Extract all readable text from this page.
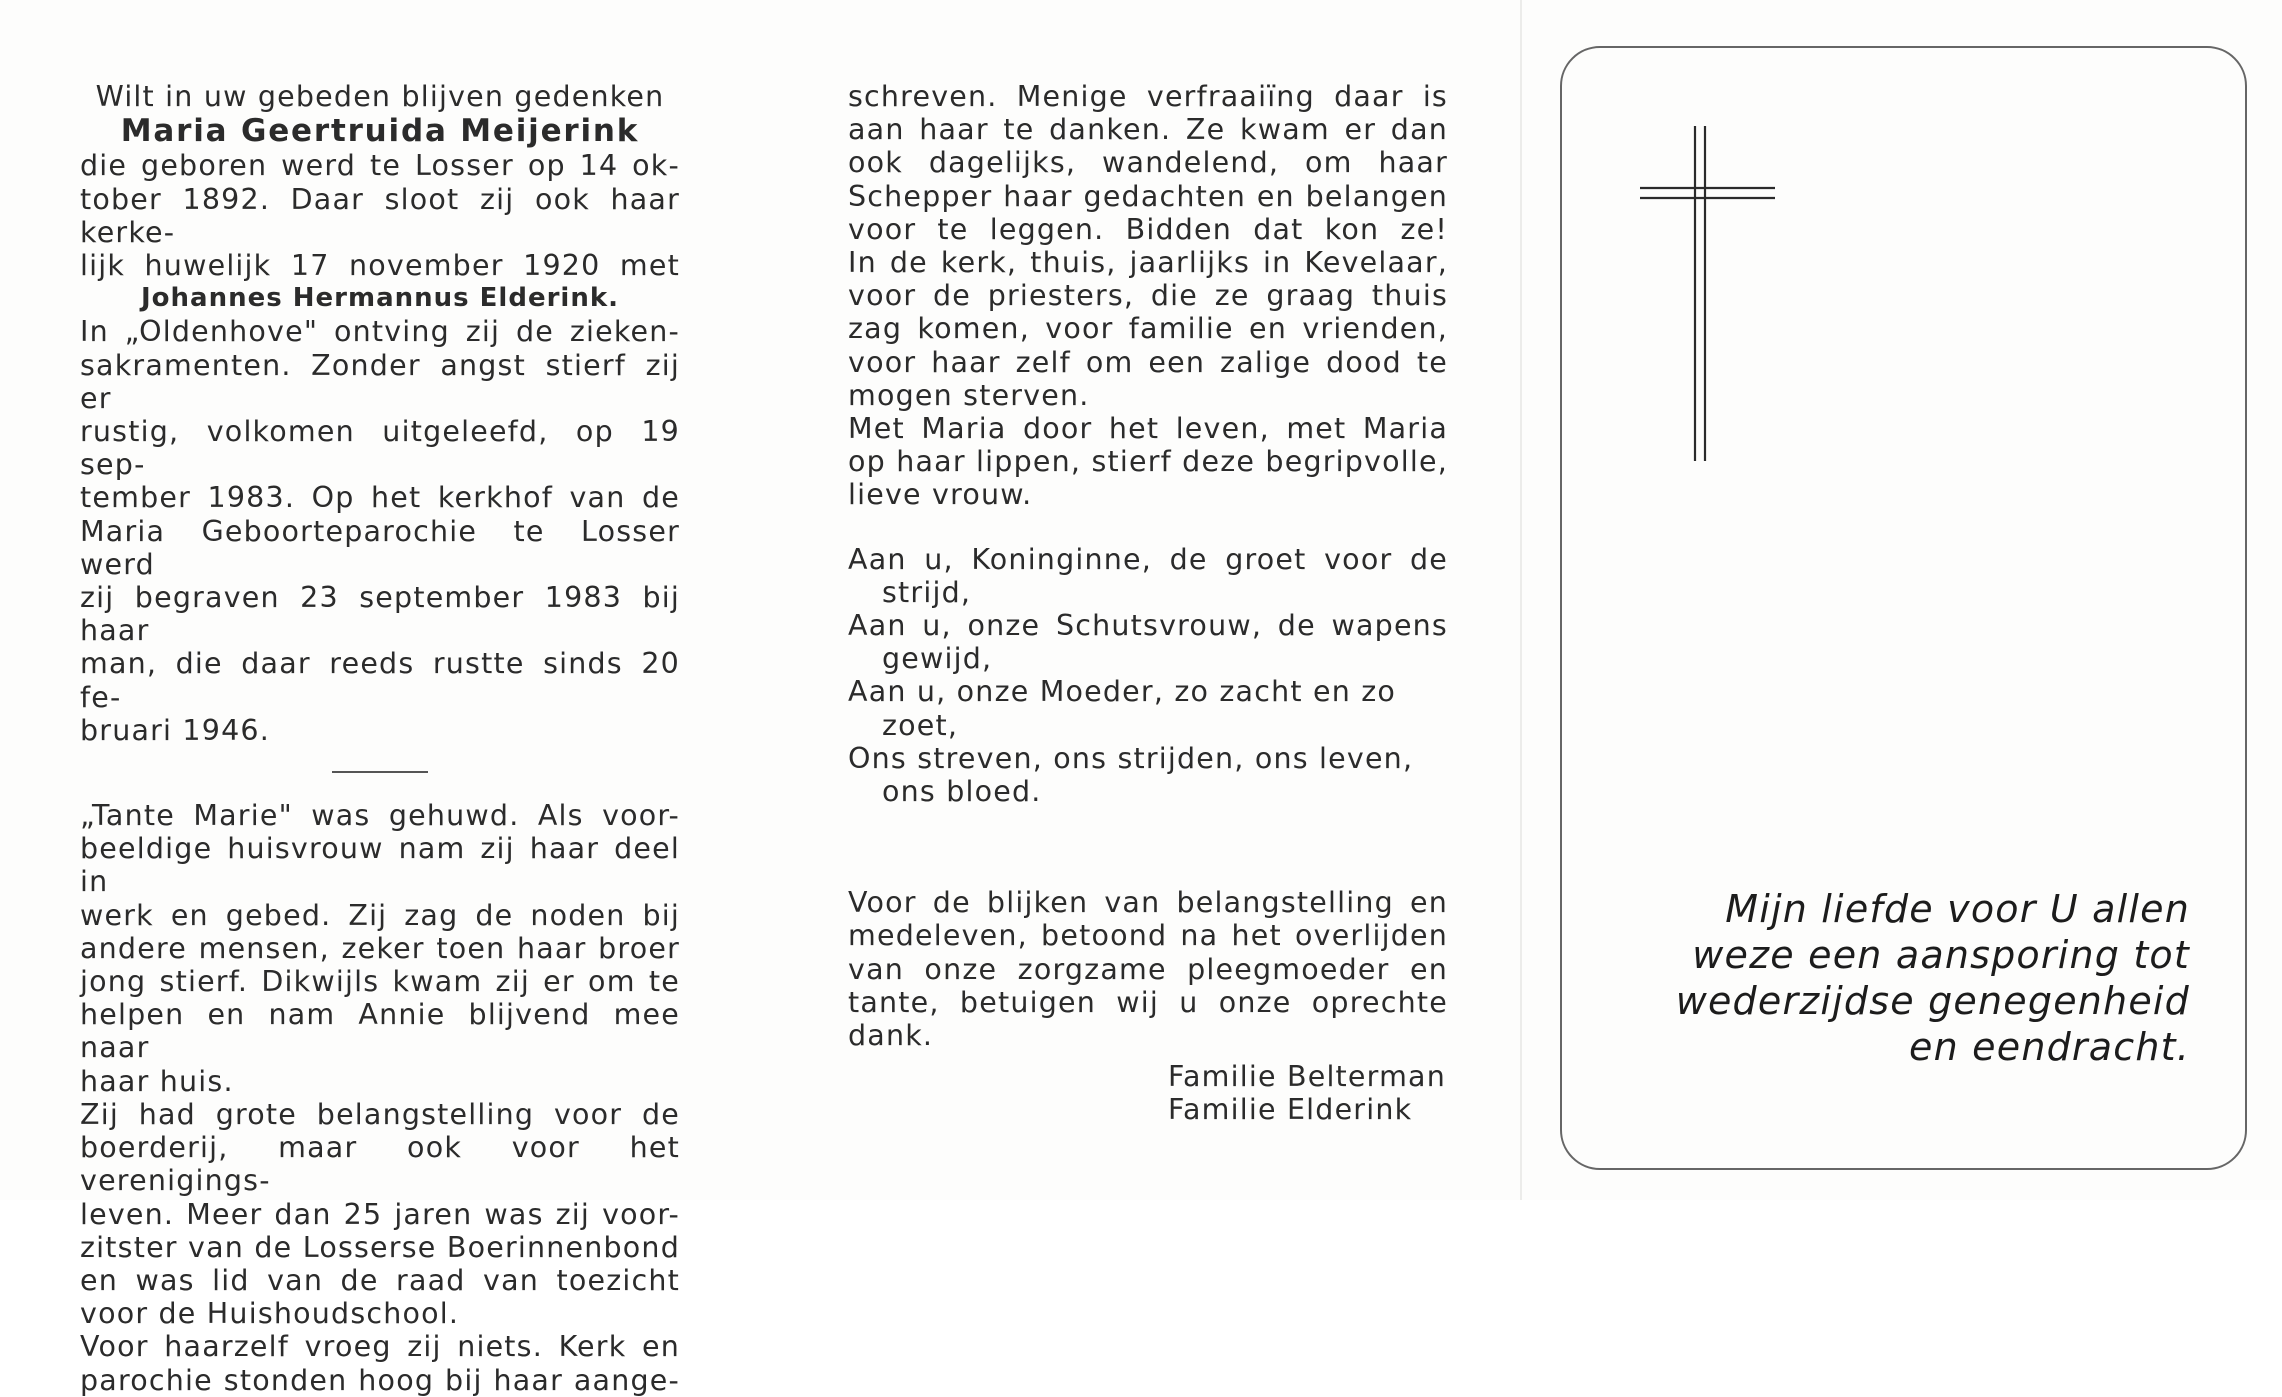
Wilt in uw gebeden blijven gedenken

Maria Geertruida Meijerink

die geboren werd te Losser op 14 ok-

tober 1892. Daar sloot zij ook haar kerke-

lijk huwelijk 17 november 1920 met

Johannes Hermannus Elderink.

In „Oldenhove" ontving zij de zieken-

sakramenten. Zonder angst stierf zij er

rustig, volkomen uitgeleefd, op 19 sep-

tember 1983. Op het kerkhof van de

Maria Geboorteparochie te Losser werd

zij begraven 23 september 1983 bij haar

man, die daar reeds rustte sinds 20 fe-

bruari 1946.

„Tante Marie" was gehuwd. Als voor-

beeldige huisvrouw nam zij haar deel in

werk en gebed. Zij zag de noden bij

andere mensen, zeker toen haar broer

jong stierf. Dikwijls kwam zij er om te

helpen en nam Annie blijvend mee naar

haar huis.

Zij had grote belangstelling voor de

boerderij, maar ook voor het verenigings-

leven. Meer dan 25 jaren was zij voor-

zitster van de Losserse Boerinnenbond

en was lid van de raad van toezicht

voor de Huishoudschool.

Voor haarzelf vroeg zij niets. Kerk en

parochie stonden hoog bij haar aange-

schreven. Menige verfraaiïng daar is

aan haar te danken. Ze kwam er dan

ook dagelijks, wandelend, om haar

Schepper haar gedachten en belangen

voor te leggen. Bidden dat kon ze!

In de kerk, thuis, jaarlijks in Kevelaar,

voor de priesters, die ze graag thuis

zag komen, voor familie en vrienden,

voor haar zelf om een zalige dood te

mogen sterven.

Met Maria door het leven, met Maria

op haar lippen, stierf deze begripvolle,

lieve vrouw.

Aan u, Koninginne, de groet voor de

strijd,

Aan u, onze Schutsvrouw, de wapens

gewijd,

Aan u, onze Moeder, zo zacht en zo

zoet,

Ons streven, ons strijden, ons leven,

ons bloed.

Voor de blijken van belangstelling en

medeleven, betoond na het overlijden

van onze zorgzame pleegmoeder en

tante, betuigen wij u onze oprechte

dank.

Familie Belterman

Familie Elderink

Mijn liefde voor U allen

weze een aansporing tot

wederzijdse genegenheid

en eendracht.
